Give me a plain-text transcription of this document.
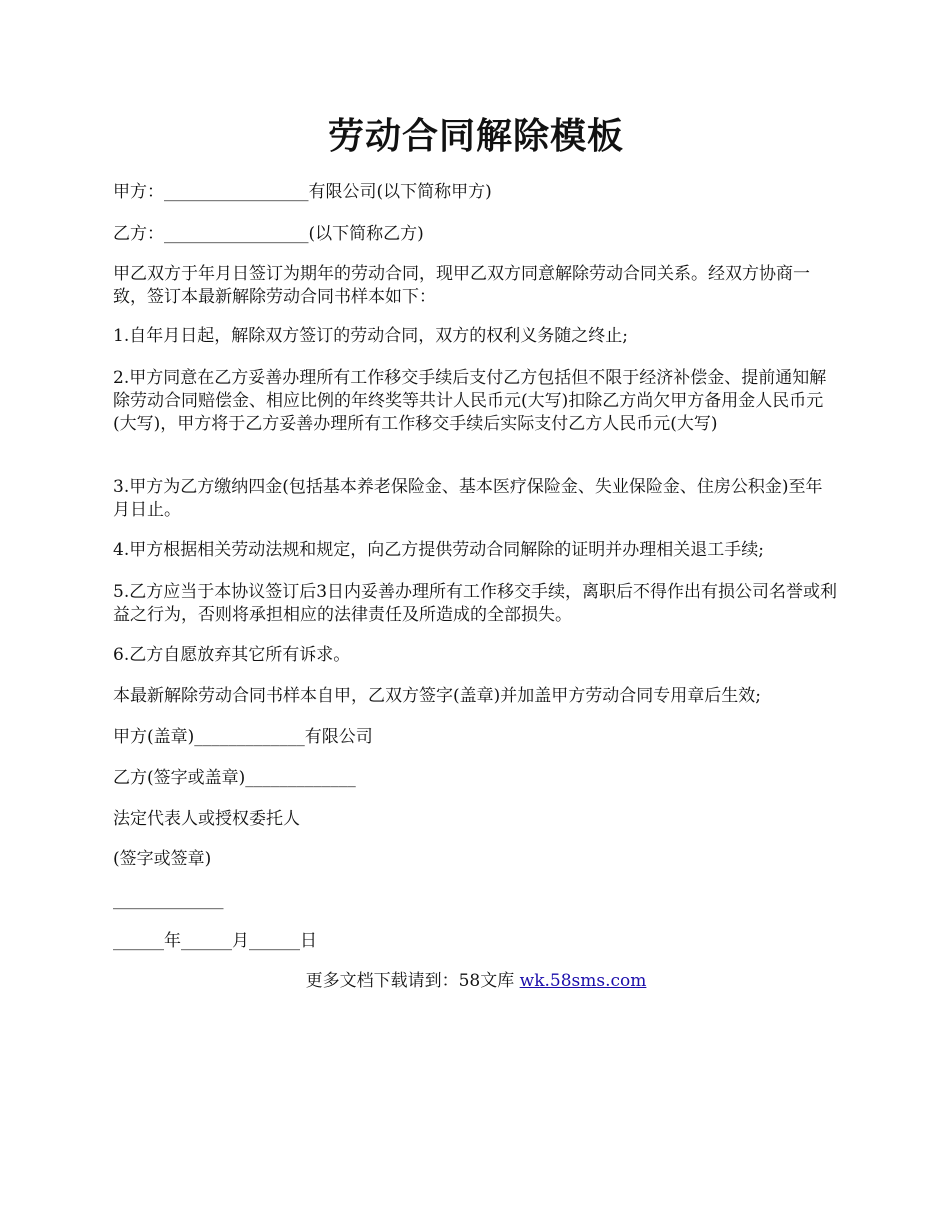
劳动合同解除模板

甲方：_________________有限公司(以下简称甲方)

乙方：_________________(以下简称乙方)

甲乙双方于年月日签订为期年的劳动合同，现甲乙双方同意解除劳动合同关系。经双方协商一致，签订本最新解除劳动合同书样本如下：

1.自年月日起，解除双方签订的劳动合同，双方的权利义务随之终止;

2.甲方同意在乙方妥善办理所有工作移交手续后支付乙方包括但不限于经济补偿金、提前通知解除劳动合同赔偿金、相应比例的年终奖等共计人民币元(大写)扣除乙方尚欠甲方备用金人民币元(大写)，甲方将于乙方妥善办理所有工作移交手续后实际支付乙方人民币元(大写)

3.甲方为乙方缴纳四金(包括基本养老保险金、基本医疗保险金、失业保险金、住房公积金)至年月日止。

4.甲方根据相关劳动法规和规定，向乙方提供劳动合同解除的证明并办理相关退工手续;

5.乙方应当于本协议签订后3日内妥善办理所有工作移交手续，离职后不得作出有损公司名誉或利益之行为，否则将承担相应的法律责任及所造成的全部损失。

6.乙方自愿放弃其它所有诉求。

本最新解除劳动合同书样本自甲，乙双方签字(盖章)并加盖甲方劳动合同专用章后生效;

甲方(盖章)_____________有限公司

乙方(签字或盖章)_____________

法定代表人或授权委托人

(签字或签章)

_____________

______年______月______日

更多文档下载请到：58文库 wk.58sms.com
